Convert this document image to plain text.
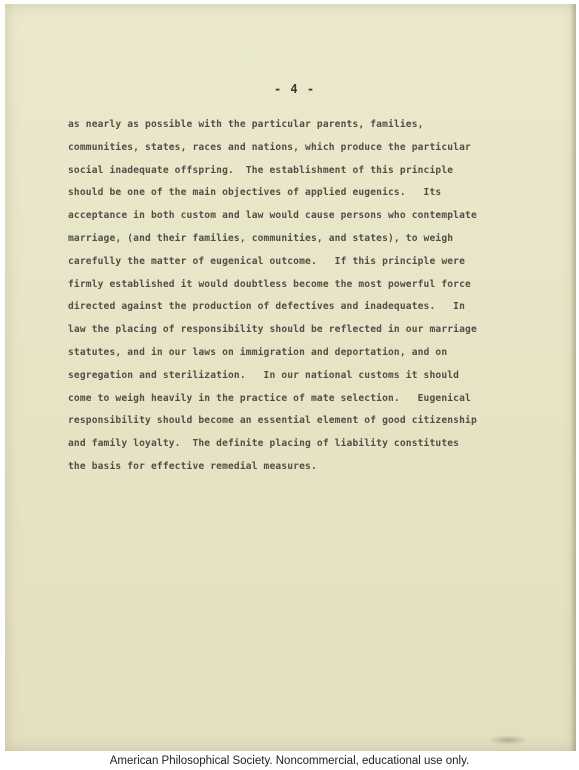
- 4 -
as nearly as possible with the particular parents, families,
communities, states, races and nations, which produce the particular
social inadequate offspring.  The establishment of this principle
should be one of the main objectives of applied eugenics.   Its
acceptance in both custom and law would cause persons who contemplate
marriage, (and their families, communities, and states), to weigh
carefully the matter of eugenical outcome.   If this principle were
firmly established it would doubtless become the most powerful force
directed against the production of defectives and inadequates.   In
law the placing of responsibility should be reflected in our marriage
statutes, and in our laws on immigration and deportation, and on
segregation and sterilization.   In our national customs it should
come to weigh heavily in the practice of mate selection.   Eugenical
responsibility should become an essential element of good citizenship
and family loyalty.  The definite placing of liability constitutes
the basis for effective remedial measures.
American Philosophical Society. Noncommercial, educational use only.
